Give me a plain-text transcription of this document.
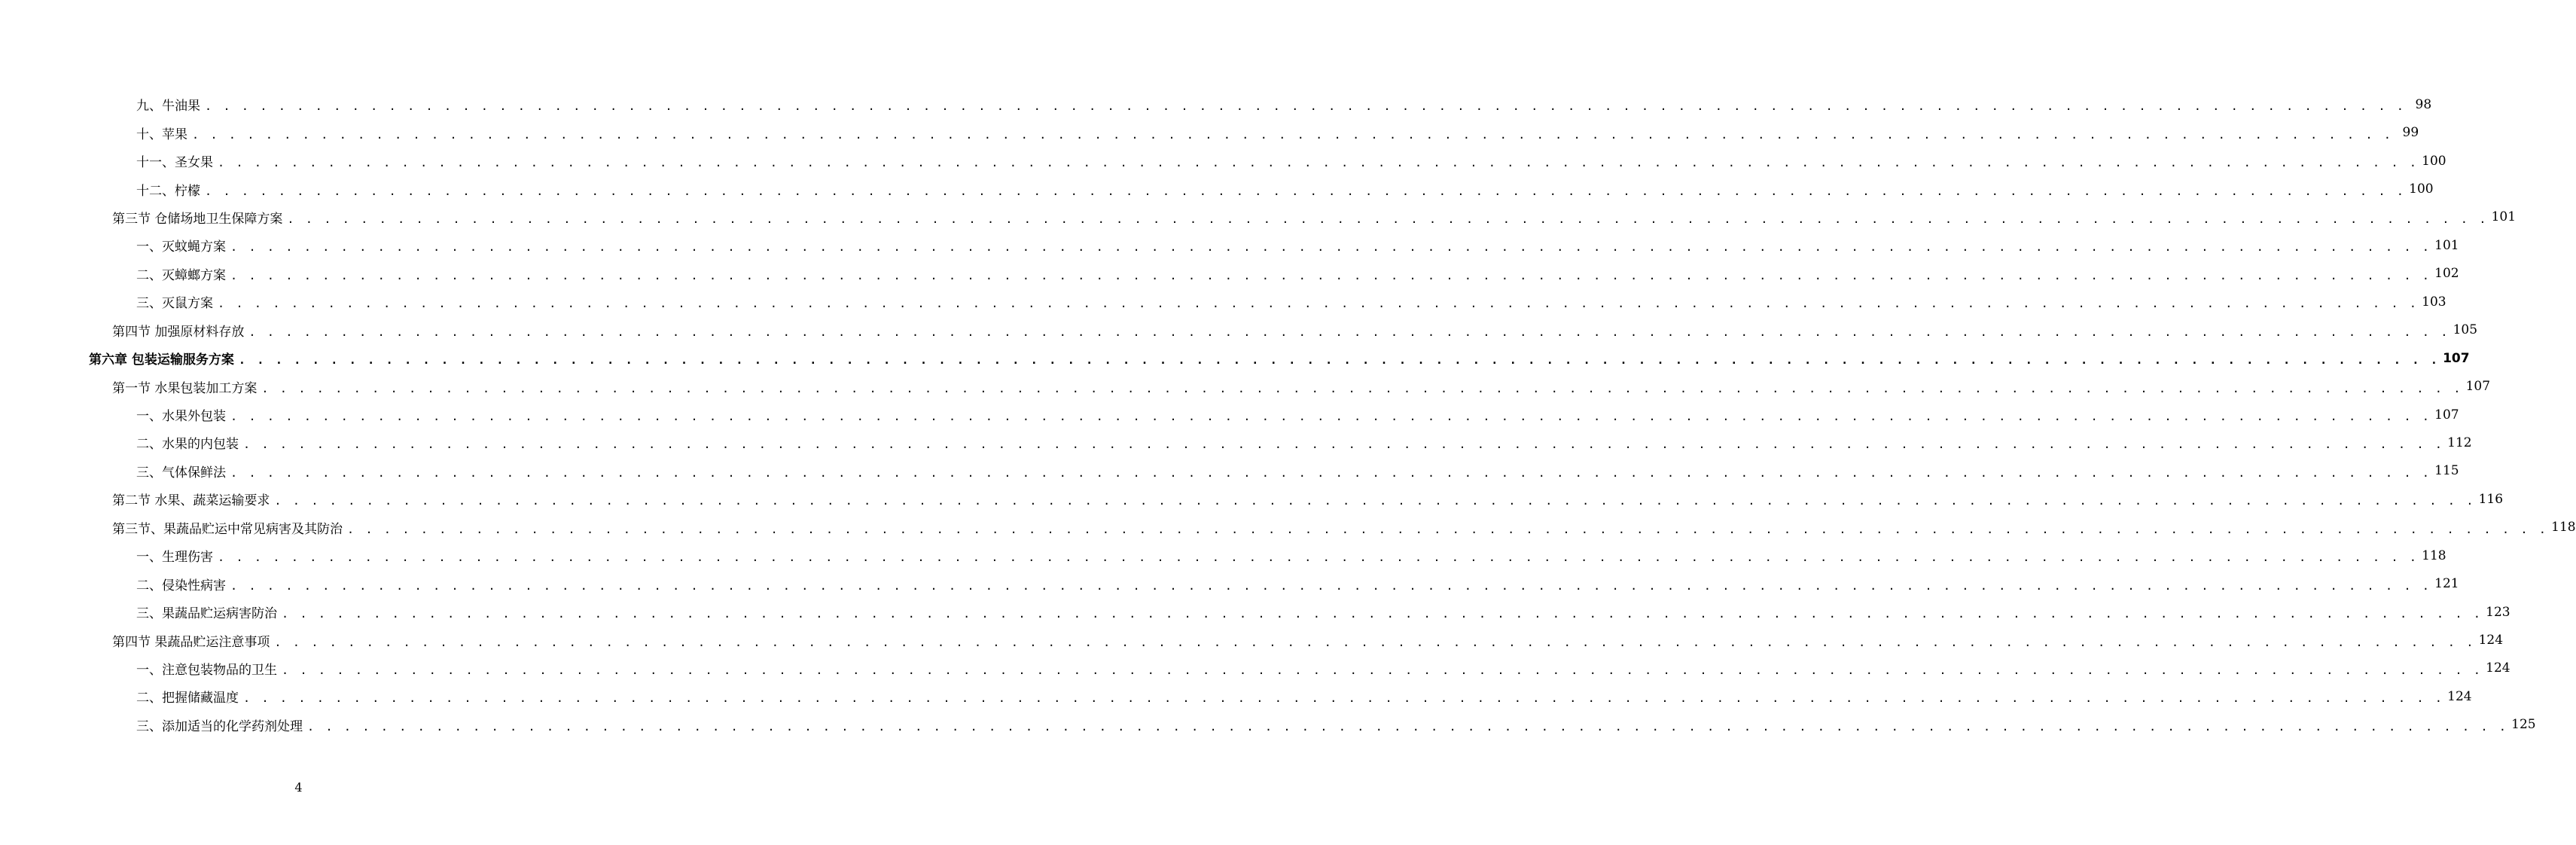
九、牛油果 . . . . . . . . . . . . . . . . . . . . . . . . . . . . . . . . . . . . . . . . . . . . . . . . . . . . . . . . . . . . . . . . . . . . . . . . . . . . . . . . . . . . . . . . . . . . . . . . . . . . . . . . . . . . . . . . . . . . . . . . 98
十、苹果 . . . . . . . . . . . . . . . . . . . . . . . . . . . . . . . . . . . . . . . . . . . . . . . . . . . . . . . . . . . . . . . . . . . . . . . . . . . . . . . . . . . . . . . . . . . . . . . . . . . . . . . . . . . . . . . . . . . . . . . . 99
十一、圣女果 . . . . . . . . . . . . . . . . . . . . . . . . . . . . . . . . . . . . . . . . . . . . . . . . . . . . . . . . . . . . . . . . . . . . . . . . . . . . . . . . . . . . . . . . . . . . . . . . . . . . . . . . . . . . . . . . . . . . . . . . 100
十二、柠檬 . . . . . . . . . . . . . . . . . . . . . . . . . . . . . . . . . . . . . . . . . . . . . . . . . . . . . . . . . . . . . . . . . . . . . . . . . . . . . . . . . . . . . . . . . . . . . . . . . . . . . . . . . . . . . . . . . . . . . . . . 100
第三节 仓储场地卫生保障方案 . . . . . . . . . . . . . . . . . . . . . . . . . . . . . . . . . . . . . . . . . . . . . . . . . . . . . . . . . . . . . . . . . . . . . . . . . . . . . . . . . . . . . . . . . . . . . . . . . . . . . . . . . . . . . . . . . . . . . . . . 101
一、灭蚊蝇方案 . . . . . . . . . . . . . . . . . . . . . . . . . . . . . . . . . . . . . . . . . . . . . . . . . . . . . . . . . . . . . . . . . . . . . . . . . . . . . . . . . . . . . . . . . . . . . . . . . . . . . . . . . . . . . . . . . . . . . . . . 101
二、灭蟑螂方案 . . . . . . . . . . . . . . . . . . . . . . . . . . . . . . . . . . . . . . . . . . . . . . . . . . . . . . . . . . . . . . . . . . . . . . . . . . . . . . . . . . . . . . . . . . . . . . . . . . . . . . . . . . . . . . . . . . . . . . . . 102
三、灭鼠方案 . . . . . . . . . . . . . . . . . . . . . . . . . . . . . . . . . . . . . . . . . . . . . . . . . . . . . . . . . . . . . . . . . . . . . . . . . . . . . . . . . . . . . . . . . . . . . . . . . . . . . . . . . . . . . . . . . . . . . . . . 103
第四节 加强原材料存放 . . . . . . . . . . . . . . . . . . . . . . . . . . . . . . . . . . . . . . . . . . . . . . . . . . . . . . . . . . . . . . . . . . . . . . . . . . . . . . . . . . . . . . . . . . . . . . . . . . . . . . . . . . . . . . . . . . . . . . . . 105
第六章 包装运输服务方案 . . . . . . . . . . . . . . . . . . . . . . . . . . . . . . . . . . . . . . . . . . . . . . . . . . . . . . . . . . . . . . . . . . . . . . . . . . . . . . . . . . . . . . . . . . . . . . . . . . . . . . . . . . . . . . . . . . . . . . . . 107
第一节 水果包装加工方案 . . . . . . . . . . . . . . . . . . . . . . . . . . . . . . . . . . . . . . . . . . . . . . . . . . . . . . . . . . . . . . . . . . . . . . . . . . . . . . . . . . . . . . . . . . . . . . . . . . . . . . . . . . . . . . . . . . . . . . . . 107
一、水果外包装 . . . . . . . . . . . . . . . . . . . . . . . . . . . . . . . . . . . . . . . . . . . . . . . . . . . . . . . . . . . . . . . . . . . . . . . . . . . . . . . . . . . . . . . . . . . . . . . . . . . . . . . . . . . . . . . . . . . . . . . . 107
二、水果的内包装 . . . . . . . . . . . . . . . . . . . . . . . . . . . . . . . . . . . . . . . . . . . . . . . . . . . . . . . . . . . . . . . . . . . . . . . . . . . . . . . . . . . . . . . . . . . . . . . . . . . . . . . . . . . . . . . . . . . . . . . . 112
三、气体保鲜法 . . . . . . . . . . . . . . . . . . . . . . . . . . . . . . . . . . . . . . . . . . . . . . . . . . . . . . . . . . . . . . . . . . . . . . . . . . . . . . . . . . . . . . . . . . . . . . . . . . . . . . . . . . . . . . . . . . . . . . . . 115
第二节 水果、蔬菜运输要求 . . . . . . . . . . . . . . . . . . . . . . . . . . . . . . . . . . . . . . . . . . . . . . . . . . . . . . . . . . . . . . . . . . . . . . . . . . . . . . . . . . . . . . . . . . . . . . . . . . . . . . . . . . . . . . . . . . . . . . . . 116
第三节、果蔬品贮运中常见病害及其防治 . . . . . . . . . . . . . . . . . . . . . . . . . . . . . . . . . . . . . . . . . . . . . . . . . . . . . . . . . . . . . . . . . . . . . . . . . . . . . . . . . . . . . . . . . . . . . . . . . . . . . . . . . . . . . . . . . . . . . . . . 118
一、生理伤害 . . . . . . . . . . . . . . . . . . . . . . . . . . . . . . . . . . . . . . . . . . . . . . . . . . . . . . . . . . . . . . . . . . . . . . . . . . . . . . . . . . . . . . . . . . . . . . . . . . . . . . . . . . . . . . . . . . . . . . . . 118
二、侵染性病害 . . . . . . . . . . . . . . . . . . . . . . . . . . . . . . . . . . . . . . . . . . . . . . . . . . . . . . . . . . . . . . . . . . . . . . . . . . . . . . . . . . . . . . . . . . . . . . . . . . . . . . . . . . . . . . . . . . . . . . . . 121
三、果蔬品贮运病害防治 . . . . . . . . . . . . . . . . . . . . . . . . . . . . . . . . . . . . . . . . . . . . . . . . . . . . . . . . . . . . . . . . . . . . . . . . . . . . . . . . . . . . . . . . . . . . . . . . . . . . . . . . . . . . . . . . . . . . . . . . 123
第四节 果蔬品贮运注意事项 . . . . . . . . . . . . . . . . . . . . . . . . . . . . . . . . . . . . . . . . . . . . . . . . . . . . . . . . . . . . . . . . . . . . . . . . . . . . . . . . . . . . . . . . . . . . . . . . . . . . . . . . . . . . . . . . . . . . . . . . 124
一、注意包装物品的卫生 . . . . . . . . . . . . . . . . . . . . . . . . . . . . . . . . . . . . . . . . . . . . . . . . . . . . . . . . . . . . . . . . . . . . . . . . . . . . . . . . . . . . . . . . . . . . . . . . . . . . . . . . . . . . . . . . . . . . . . . . 124
二、把握储藏温度 . . . . . . . . . . . . . . . . . . . . . . . . . . . . . . . . . . . . . . . . . . . . . . . . . . . . . . . . . . . . . . . . . . . . . . . . . . . . . . . . . . . . . . . . . . . . . . . . . . . . . . . . . . . . . . . . . . . . . . . . 124
三、添加适当的化学药剂处理 . . . . . . . . . . . . . . . . . . . . . . . . . . . . . . . . . . . . . . . . . . . . . . . . . . . . . . . . . . . . . . . . . . . . . . . . . . . . . . . . . . . . . . . . . . . . . . . . . . . . . . . . . . . . . . . . . . . . . . . . 125
4
